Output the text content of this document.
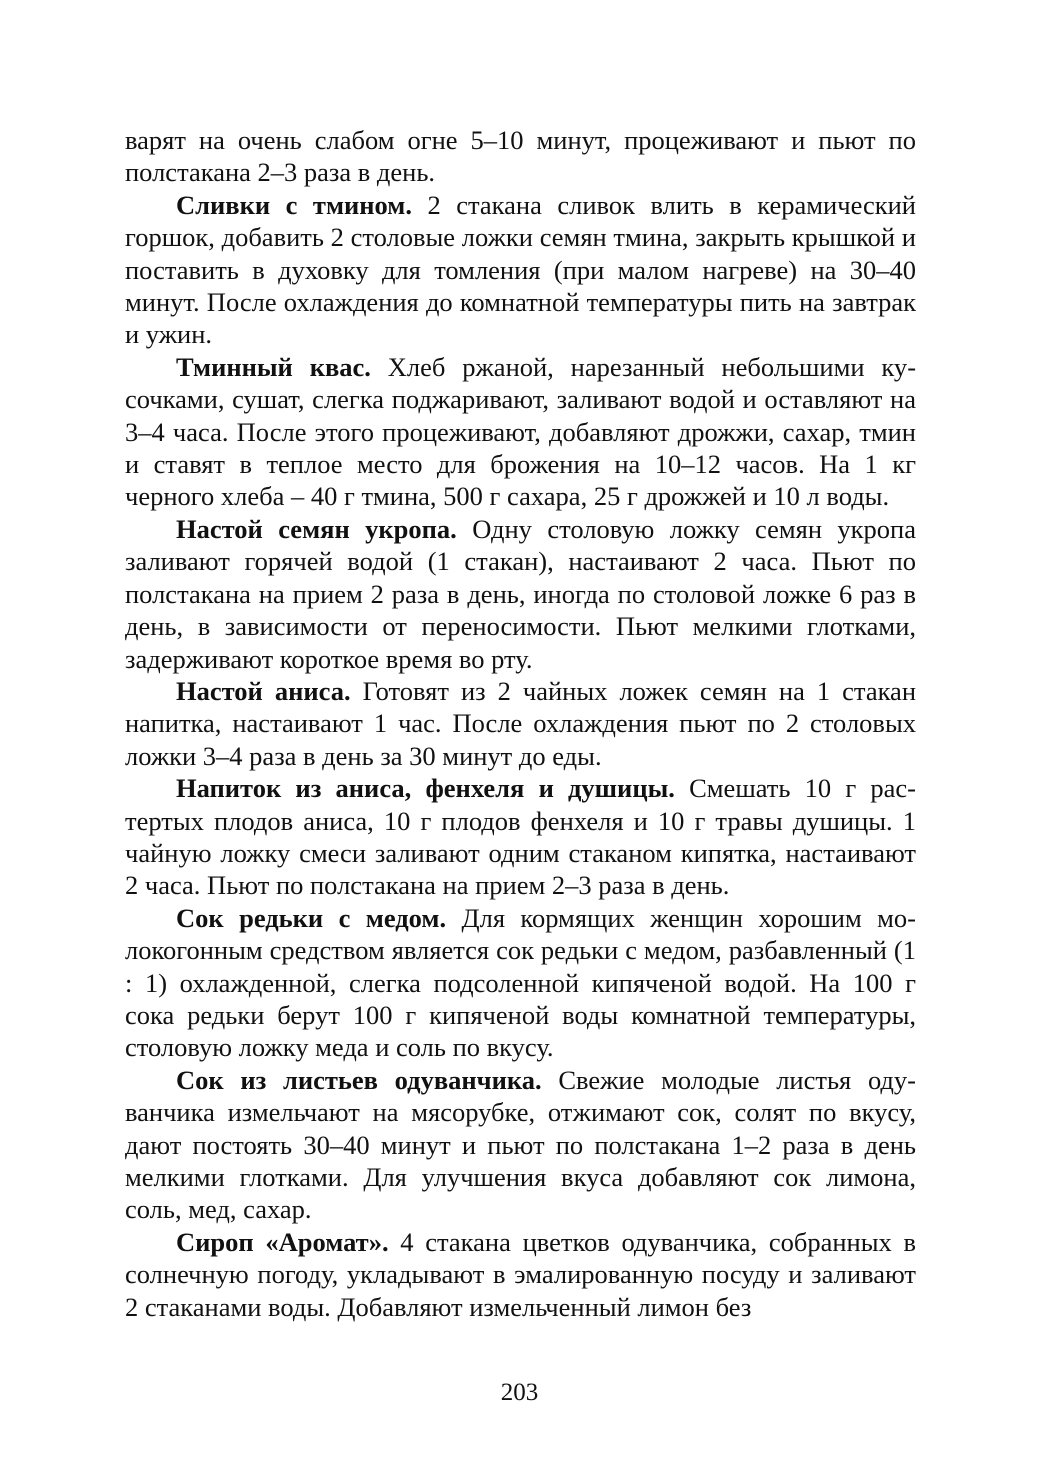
варят на очень слабом огне 5–10 минут, процеживают и пьют по полстакана 2–3 раза в день.

Сливки с тмином. 2 стакана сливок влить в керамический горшок, добавить 2 столовые ложки семян тмина, закрыть крышкой и поставить в духовку для томления (при малом нагреве) на 30–40 минут. После охлаждения до комнатной температуры пить на завтрак и ужин.

Тминный квас. Хлеб ржаной, нарезанный небольшими кусочками, сушат, слегка поджаривают, заливают водой и оставляют на 3–4 часа. После этого процеживают, добавляют дрожжи, сахар, тмин и ставят в теплое место для брожения на 10–12 часов. На 1 кг черного хлеба – 40 г тмина, 500 г сахара, 25 г дрожжей и 10 л воды.

Настой семян укропа. Одну столовую ложку семян укропа заливают горячей водой (1 стакан), настаивают 2 часа. Пьют по полстакана на прием 2 раза в день, иногда по столовой ложке 6 раз в день, в зависимости от переносимости. Пьют мелкими глотками, задерживают короткое время во рту.

Настой аниса. Готовят из 2 чайных ложек семян на 1 стакан напитка, настаивают 1 час. После охлаждения пьют по 2 столовых ложки 3–4 раза в день за 30 минут до еды.

Напиток из аниса, фенхеля и душицы. Смешать 10 г растертых плодов аниса, 10 г плодов фенхеля и 10 г травы душицы. 1 чайную ложку смеси заливают одним стаканом кипятка, настаивают 2 часа. Пьют по полстакана на прием 2–3 раза в день.

Сок редьки с медом. Для кормящих женщин хорошим молокогонным средством является сок редьки с медом, разбавленный (1 : 1) охлажденной, слегка подсоленной кипяченой водой. На 100 г сока редьки берут 100 г кипяченой воды комнатной температуры, столовую ложку меда и соль по вкусу.

Сок из листьев одуванчика. Свежие молодые листья одуванчика измельчают на мясорубке, отжимают сок, солят по вкусу, дают постоять 30–40 минут и пьют по полстакана 1–2 раза в день мелкими глотками. Для улучшения вкуса добавляют сок лимона, соль, мед, сахар.

Сироп «Аромат». 4 стакана цветков одуванчика, собранных в солнечную погоду, укладывают в эмалированную посуду и заливают 2 стаканами воды. Добавляют измельченный лимон без

203
